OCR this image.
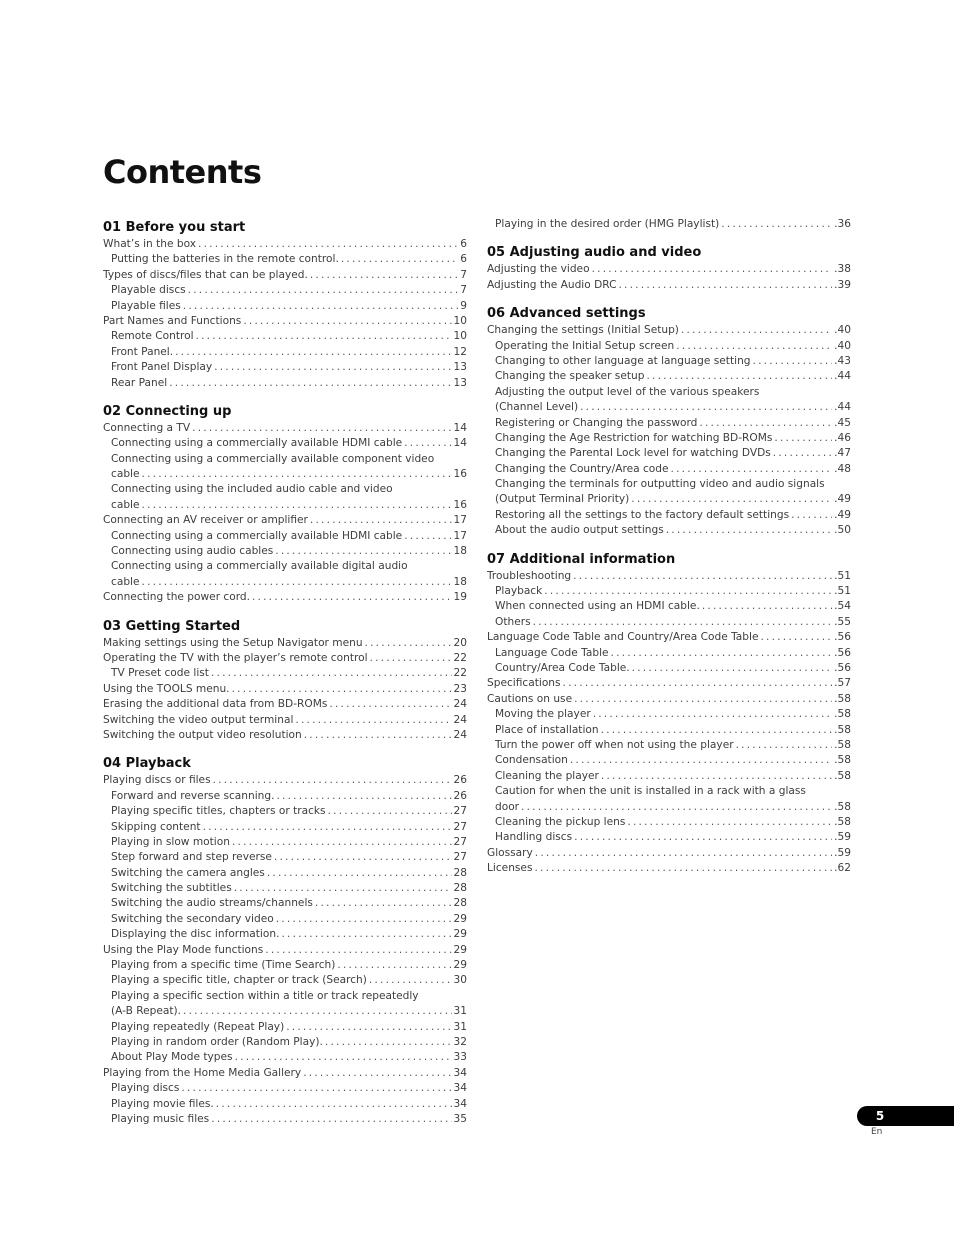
Contents
01 Before you start
What’s in the box .....	6
Putting the batteries in the remote control. .....	6
Types of discs/files that can be played. .....	7
Playable discs .....	7
Playable files .....	9
Part Names and Functions .....	10
Remote Control .....	10
Front Panel. .....	12
Front Panel Display .....	13
Rear Panel .....	13
02 Connecting up
Connecting a TV .....	14
Connecting using a commercially available HDMI cable .....	14
Connecting using a commercially available component video
cable .....	16
Connecting using the included audio cable and video
cable .....	16
Connecting an AV receiver or amplifier .....	17
Connecting using a commercially available HDMI cable .....	17
Connecting using audio cables .....	18
Connecting using a commercially available digital audio
cable .....	18
Connecting the power cord. .....	19
03 Getting Started
Making settings using the Setup Navigator menu .....	20
Operating the TV with the player’s remote control .....	22
TV Preset code list .....	22
Using the TOOLS menu. .....	23
Erasing the additional data from BD-ROMs .....	24
Switching the video output terminal .....	24
Switching the output video resolution .....	24
04 Playback
Playing discs or files .....	26
Forward and reverse scanning. .....	26
Playing specific titles, chapters or tracks .....	27
Skipping content .....	27
Playing in slow motion .....	27
Step forward and step reverse .....	27
Switching the camera angles .....	28
Switching the subtitles .....	28
Switching the audio streams/channels .....	28
Switching the secondary video .....	29
Displaying the disc information. .....	29
Using the Play Mode functions .....	29
Playing from a specific time (Time Search) .....	29
Playing a specific title, chapter or track (Search) .....	30
Playing a specific section within a title or track repeatedly
(A-B Repeat). .....	31
Playing repeatedly (Repeat Play) .....	31
Playing in random order (Random Play). .....	32
About Play Mode types .....	33
Playing from the Home Media Gallery .....	34
Playing discs .....	34
Playing movie files. .....	34
Playing music files .....	35
Playing in the desired order (HMG Playlist) .....	.36
05 Adjusting audio and video
Adjusting the video .....	.38
Adjusting the Audio DRC .....	.39
06 Advanced settings
Changing the settings (Initial Setup) .....	.40
Operating the Initial Setup screen .....	.40
Changing to other language at language setting .....	.43
Changing the speaker setup .....	.44
Adjusting the output level of the various speakers
(Channel Level) .....	.44
Registering or Changing the password .....	.45
Changing the Age Restriction for watching BD-ROMs .....	.46
Changing the Parental Lock level for watching DVDs .....	.47
Changing the Country/Area code .....	.48
Changing the terminals for outputting video and audio signals
(Output Terminal Priority) .....	.49
Restoring all the settings to the factory default settings .....	.49
About the audio output settings .....	.50
07 Additional information
Troubleshooting .....	.51
Playback .....	.51
When connected using an HDMI cable. .....	.54
Others .....	.55
Language Code Table and Country/Area Code Table .....	.56
Language Code Table .....	.56
Country/Area Code Table. .....	.56
Specifications .....	.57
Cautions on use .....	.58
Moving the player .....	.58
Place of installation .....	.58
Turn the power off when not using the player .....	.58
Condensation .....	.58
Cleaning the player .....	.58
Caution for when the unit is installed in a rack with a glass
door .....	.58
Cleaning the pickup lens .....	.58
Handling discs .....	.59
Glossary .....	.59
Licenses .....	.62
5
En
